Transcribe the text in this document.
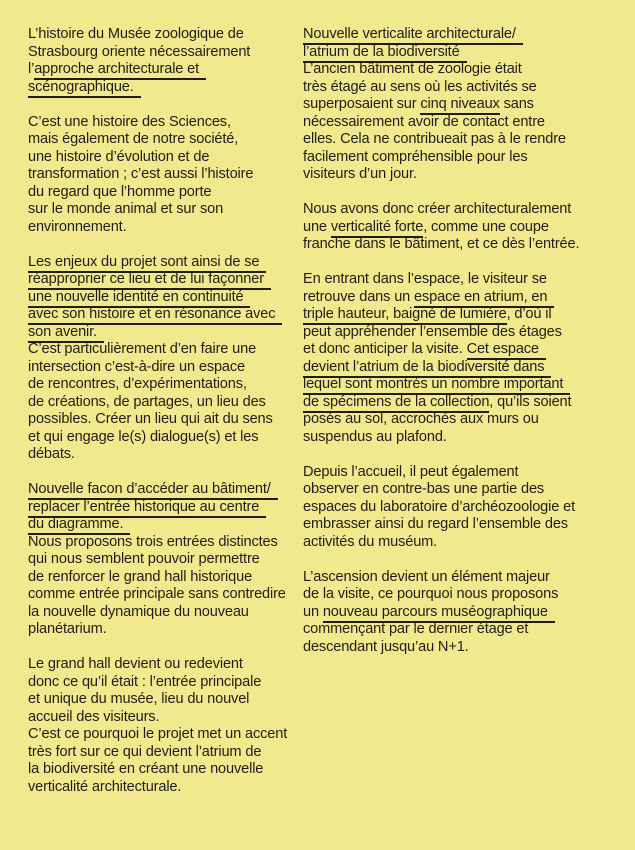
L’histoire du Musée zoologique de
Strasbourg oriente nécessairement
l’approche architecturale et
scénographique.
C’est une histoire des Sciences,
mais également de notre société,
une histoire d’évolution et de
transformation ; c’est aussi l’histoire
du regard que l’homme porte
sur le monde animal et sur son
environnement.
Les enjeux du projet sont ainsi de se
réapproprier ce lieu et de lui façonner
une nouvelle identité en continuité
avec son histoire et en résonance avec
son avenir.
C’est particulièrement d’en faire une
intersection c’est-à-dire un espace
de rencontres, d’expérimentations,
de créations, de partages, un lieu des
possibles. Créer un lieu qui ait du sens
et qui engage le(s) dialogue(s) et les
débats.
Nouvelle facon d’accéder au bâtiment/
replacer l’entrée historique au centre
du diagramme.
Nous proposons trois entrées distinctes
qui nous semblent pouvoir permettre
de renforcer le grand hall historique
comme entrée principale sans contredire
la nouvelle dynamique du nouveau
planétarium.
Le grand hall devient ou redevient
donc ce qu’il était : l’entrée principale
et unique du musée, lieu du nouvel
accueil des visiteurs.
C’est ce pourquoi le projet met un accent
très fort sur ce qui devient l’atrium de
la biodiversité en créant une nouvelle
verticalité architecturale.
Nouvelle verticalite architecturale/
l’atrium de la biodiversité
L’ancien bâtiment de zoologie était
très étagé au sens où les activités se
superposaient sur cinq niveaux sans
nécessairement avoir de contact entre
elles. Cela ne contribueait pas à le rendre
facilement compréhensible pour les
visiteurs d’un jour.
Nous avons donc créer architecturalement
une verticalité forte, comme une coupe
franche dans le bâtiment, et ce dès l’entrée.
En entrant dans l’espace, le visiteur se
retrouve dans un espace en atrium, en
triple hauteur, baigné de lumière, d’où il
peut appréhender l’ensemble des étages
et donc anticiper la visite. Cet espace
devient l’atrium de la biodiversité dans
lequel sont montrés un nombre important
de spécimens de la collection, qu’ils soient
posés au sol, accrochés aux murs ou
suspendus au plafond.
Depuis l’accueil, il peut également
observer en contre-bas une partie des
espaces du laboratoire d’archéozoologie et
embrasser ainsi du regard l’ensemble des
activités du muséum.
L’ascension devient un élément majeur
de la visite, ce pourquoi nous proposons
un nouveau parcours muséographique
commençant par le dernier étage et
descendant jusqu’au N+1.
